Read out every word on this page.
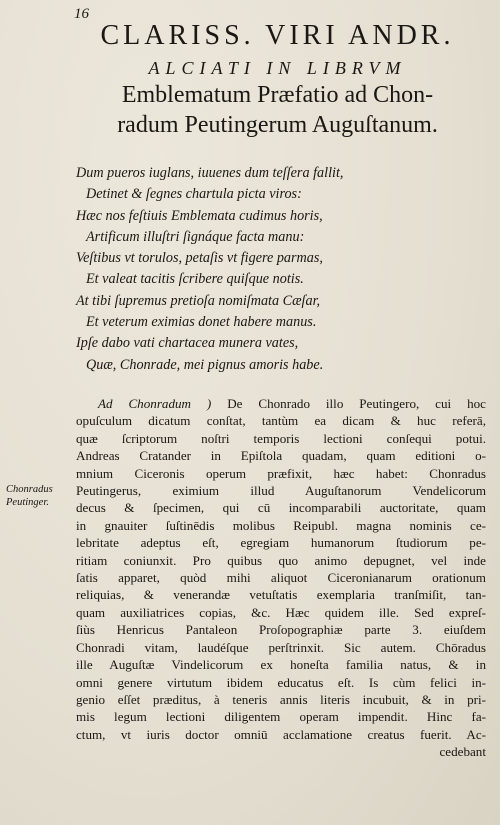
16
CLARISS. VIRI ANDR.
ALCIATI IN LIBRVM
Emblematum Præfatio ad Chon-
radum Peutingerum Auguſtanum.
Dum pueros iuglans, iuuenes dum teſſera fallit,
Detinet & ſegnes chartula picta viros:
Hæc nos feſtiuis Emblemata cudimus horis,
Artificum illuſtri ſignáque facta manu:
Veſtibus vt torulos, petaſis vt figere parmas,
Et valeat tacitis ſcribere quiſque notis.
At tibi ſupremus pretioſa nomiſmata Cæſar,
Et veterum eximias donet habere manus.
Ipſe dabo vati chartacea munera vates,
Quæ, Chonrade, mei pignus amoris habe.
Chonradus Peutinger.
Ad Chonradum ) De Chonrado illo Peutingero, cui hoc
opuſculum dicatum conſtat, tantùm ea dicam & huc referā,
quæ ſcriptorum noſtri temporis lectioni conſequi potui.
Andreas Cratander in Epiſtola quadam, quam editioni o-
mnium Ciceronis operum præfixit, hæc habet: Chonradus
Peutingerus, eximium illud Auguſtanorum Vendelicorum
decus & ſpecimen, qui cū incomparabili auctoritate, quam
in gnauiter ſuſtinēdis molibus Reipubl. magna nominis ce-
lebritate adeptus eſt, egregiam humanorum ſtudiorum pe-
ritiam coniunxit. Pro quibus quo animo depugnet, vel inde
ſatis apparet, quòd mihi aliquot Ciceronianarum orationum
reliquias, & venerandæ vetuſtatis exemplaria tranſmiſit, tan-
quam auxiliatrices copias, &c. Hæc quidem ille. Sed expreſ-
ſiùs Henricus Pantaleon Proſopographiæ parte 3. eiuſdem
Chonradi vitam, laudéſque perſtrinxit. Sic autem. Chōradus
ille Auguſtæ Vindelicorum ex honeſta familia natus, & in
omni genere virtutum ibidem educatus eſt. Is cùm felici in-
genio eſſet præditus, à teneris annis literis incubuit, & in pri-
mis legum lectioni diligentem operam impendit. Hinc fa-
ctum, vt iuris doctor omniū acclamatione creatus fuerit. Ac-
cedebant
